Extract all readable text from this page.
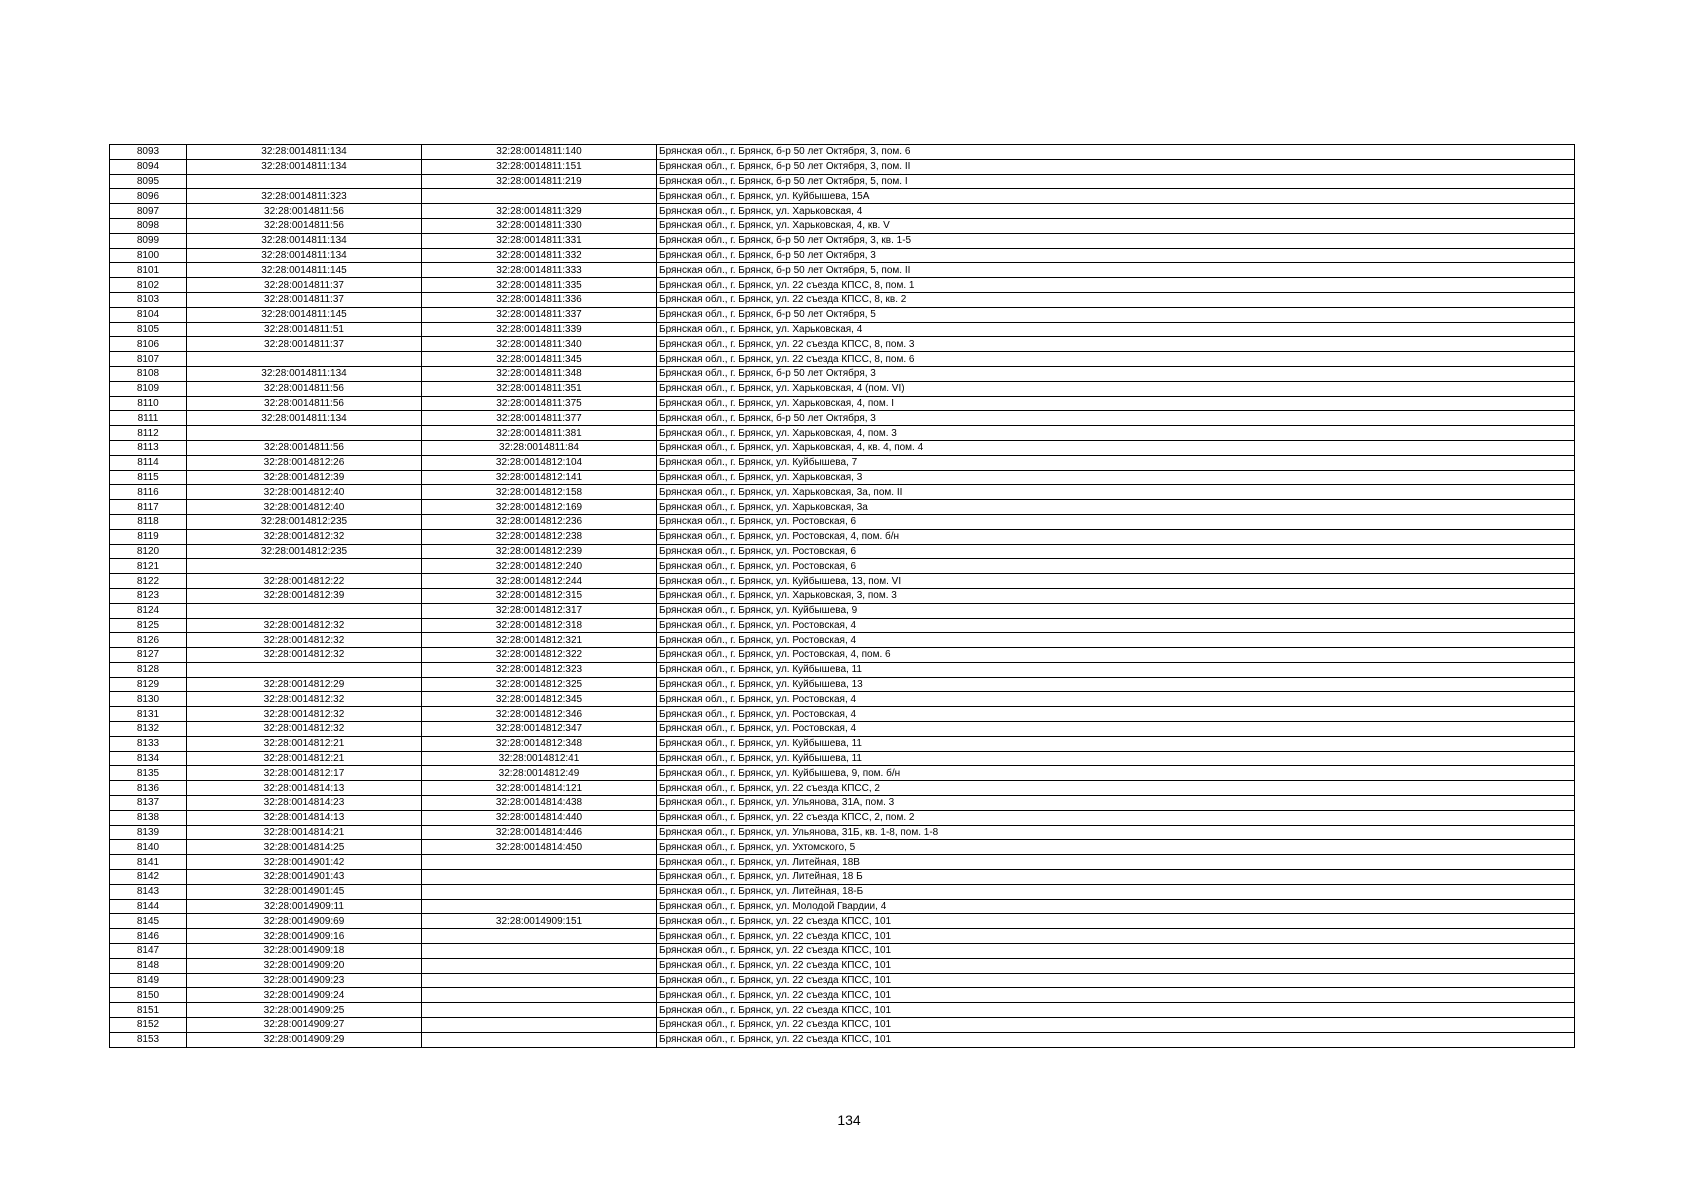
8093	32:28:0014811:134	32:28:0014811:140	Брянская обл., г. Брянск, б-р 50 лет Октября, 3, пом. 6
8094	32:28:0014811:134	32:28:0014811:151	Брянская обл., г. Брянск, б-р 50 лет Октября, 3, пом. II
8095		32:28:0014811:219	Брянская обл., г. Брянск, б-р 50 лет Октября, 5, пом. I
8096	32:28:0014811:323		Брянская обл., г. Брянск, ул. Куйбышева, 15А
8097	32:28:0014811:56	32:28:0014811:329	Брянская обл., г. Брянск, ул. Харьковская, 4
8098	32:28:0014811:56	32:28:0014811:330	Брянская обл., г. Брянск, ул. Харьковская, 4, кв. V
8099	32:28:0014811:134	32:28:0014811:331	Брянская обл., г. Брянск, б-р 50 лет Октября, 3, кв. 1-5
8100	32:28:0014811:134	32:28:0014811:332	Брянская обл., г. Брянск, б-р 50 лет Октября, 3
8101	32:28:0014811:145	32:28:0014811:333	Брянская обл., г. Брянск, б-р 50 лет Октября, 5, пом. II
8102	32:28:0014811:37	32:28:0014811:335	Брянская обл., г. Брянск, ул. 22 съезда КПСС, 8, пом. 1
8103	32:28:0014811:37	32:28:0014811:336	Брянская обл., г. Брянск, ул. 22 съезда КПСС, 8, кв. 2
8104	32:28:0014811:145	32:28:0014811:337	Брянская обл., г. Брянск, б-р 50 лет Октября, 5
8105	32:28:0014811:51	32:28:0014811:339	Брянская обл., г. Брянск, ул. Харьковская, 4
8106	32:28:0014811:37	32:28:0014811:340	Брянская обл., г. Брянск, ул. 22 съезда КПСС, 8, пом. 3
8107		32:28:0014811:345	Брянская обл., г. Брянск, ул. 22 съезда КПСС, 8, пом. 6
8108	32:28:0014811:134	32:28:0014811:348	Брянская обл., г. Брянск, б-р 50 лет Октября, 3
8109	32:28:0014811:56	32:28:0014811:351	Брянская обл., г. Брянск, ул. Харьковская, 4 (пом. VI)
8110	32:28:0014811:56	32:28:0014811:375	Брянская обл., г. Брянск, ул. Харьковская, 4, пом. I
8111	32:28:0014811:134	32:28:0014811:377	Брянская обл., г. Брянск, б-р 50 лет Октября, 3
8112		32:28:0014811:381	Брянская обл., г. Брянск, ул. Харьковская, 4, пом. 3
8113	32:28:0014811:56	32:28:0014811:84	Брянская обл., г. Брянск, ул. Харьковская, 4, кв. 4, пом. 4
8114	32:28:0014812:26	32:28:0014812:104	Брянская обл., г. Брянск, ул. Куйбышева, 7
8115	32:28:0014812:39	32:28:0014812:141	Брянская обл., г. Брянск, ул. Харьковская, 3
8116	32:28:0014812:40	32:28:0014812:158	Брянская обл., г. Брянск, ул. Харьковская, 3а, пом. II
8117	32:28:0014812:40	32:28:0014812:169	Брянская обл., г. Брянск, ул. Харьковская, 3а
8118	32:28:0014812:235	32:28:0014812:236	Брянская обл., г. Брянск, ул. Ростовская, 6
8119	32:28:0014812:32	32:28:0014812:238	Брянская обл., г. Брянск, ул. Ростовская, 4, пом. б/н
8120	32:28:0014812:235	32:28:0014812:239	Брянская обл., г. Брянск, ул. Ростовская, 6
8121		32:28:0014812:240	Брянская обл., г. Брянск, ул. Ростовская, 6
8122	32:28:0014812:22	32:28:0014812:244	Брянская обл., г. Брянск, ул. Куйбышева, 13, пом. VI
8123	32:28:0014812:39	32:28:0014812:315	Брянская обл., г. Брянск, ул. Харьковская, 3, пом. 3
8124		32:28:0014812:317	Брянская обл., г. Брянск, ул. Куйбышева, 9
8125	32:28:0014812:32	32:28:0014812:318	Брянская обл., г. Брянск, ул. Ростовская, 4
8126	32:28:0014812:32	32:28:0014812:321	Брянская обл., г. Брянск, ул. Ростовская, 4
8127	32:28:0014812:32	32:28:0014812:322	Брянская обл., г. Брянск, ул. Ростовская, 4, пом. 6
8128		32:28:0014812:323	Брянская обл., г. Брянск, ул. Куйбышева, 11
8129	32:28:0014812:29	32:28:0014812:325	Брянская обл., г. Брянск, ул. Куйбышева, 13
8130	32:28:0014812:32	32:28:0014812:345	Брянская обл., г. Брянск, ул. Ростовская, 4
8131	32:28:0014812:32	32:28:0014812:346	Брянская обл., г. Брянск, ул. Ростовская, 4
8132	32:28:0014812:32	32:28:0014812:347	Брянская обл., г. Брянск, ул. Ростовская, 4
8133	32:28:0014812:21	32:28:0014812:348	Брянская обл., г. Брянск, ул. Куйбышева, 11
8134	32:28:0014812:21	32:28:0014812:41	Брянская обл., г. Брянск, ул. Куйбышева, 11
8135	32:28:0014812:17	32:28:0014812:49	Брянская обл., г. Брянск, ул. Куйбышева, 9, пом. б/н
8136	32:28:0014814:13	32:28:0014814:121	Брянская обл., г. Брянск, ул. 22 съезда КПСС, 2
8137	32:28:0014814:23	32:28:0014814:438	Брянская обл., г. Брянск, ул. Ульянова, 31А, пом. 3
8138	32:28:0014814:13	32:28:0014814:440	Брянская обл., г. Брянск, ул. 22 съезда КПСС, 2, пом. 2
8139	32:28:0014814:21	32:28:0014814:446	Брянская обл., г. Брянск, ул. Ульянова, 31Б, кв. 1-8, пом. 1-8
8140	32:28:0014814:25	32:28:0014814:450	Брянская обл., г. Брянск, ул. Ухтомского, 5
8141	32:28:0014901:42		Брянская обл., г. Брянск, ул. Литейная, 18В
8142	32:28:0014901:43		Брянская обл., г. Брянск, ул. Литейная, 18 Б
8143	32:28:0014901:45		Брянская обл., г. Брянск, ул. Литейная, 18-Б
8144	32:28:0014909:11		Брянская обл., г. Брянск, ул. Молодой Гвардии, 4
8145	32:28:0014909:69	32:28:0014909:151	Брянская обл., г. Брянск, ул. 22 съезда КПСС, 101
8146	32:28:0014909:16		Брянская обл., г. Брянск, ул. 22 съезда КПСС, 101
8147	32:28:0014909:18		Брянская обл., г. Брянск, ул. 22 съезда КПСС, 101
8148	32:28:0014909:20		Брянская обл., г. Брянск, ул. 22 съезда КПСС, 101
8149	32:28:0014909:23		Брянская обл., г. Брянск, ул. 22 съезда КПСС, 101
8150	32:28:0014909:24		Брянская обл., г. Брянск, ул. 22 съезда КПСС, 101
8151	32:28:0014909:25		Брянская обл., г. Брянск, ул. 22 съезда КПСС, 101
8152	32:28:0014909:27		Брянская обл., г. Брянск, ул. 22 съезда КПСС, 101
8153	32:28:0014909:29		Брянская обл., г. Брянск, ул. 22 съезда КПСС, 101
134
